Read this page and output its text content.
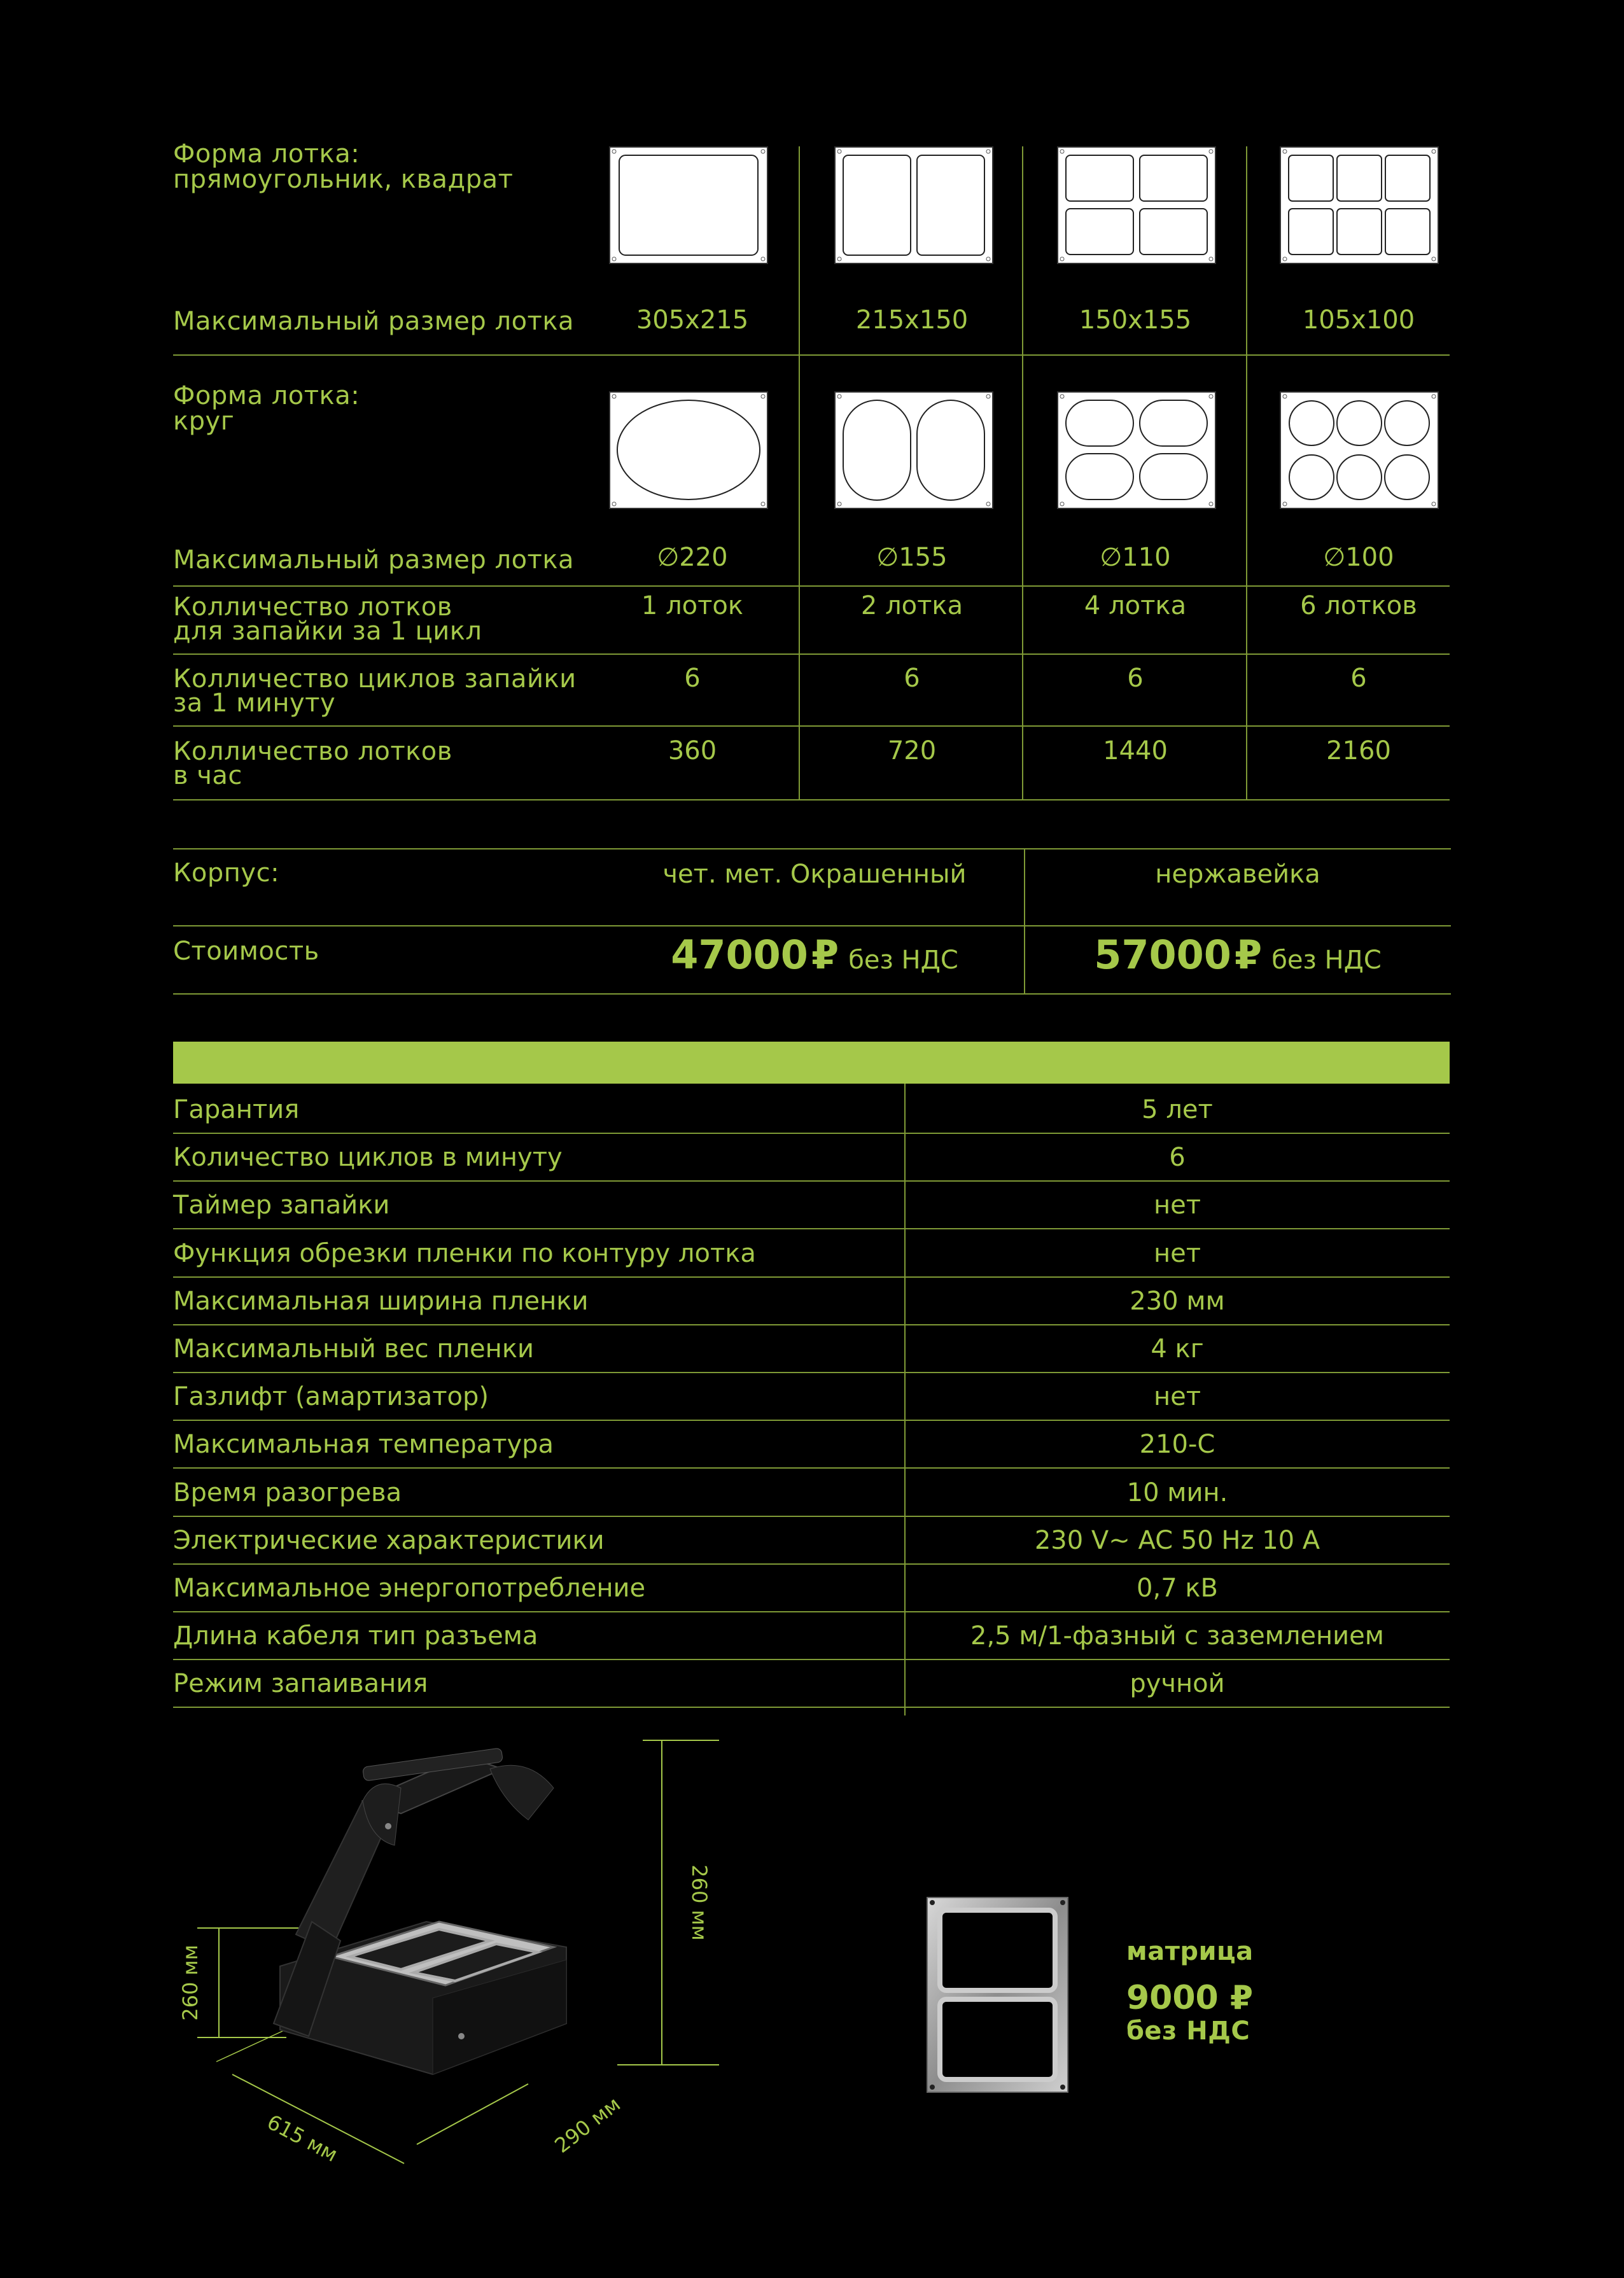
Форма лотка:
прямоугольник, квадрат
Максимальный размер лотка	305х215	215х150	150х155	105х100
Форма лотка:
круг
Максимальный размер лотка	∅220	∅155	∅110	∅100
Колличество лотков
для запайки за 1 цикл
1 лоток	2 лотка	4 лотка	6 лотков
Колличество циклов запайки
за 1 минуту
6	6	6	6
Колличество лотков
в час
360	720	1440	2160
Корпус:	чет. мет. Окрашенный	нержавейка
Стоимость	47000 ₽ без НДС	57000 ₽ без НДС
Гарантия	5 лет
Количество циклов в минуту	6
Таймер запайки	нет
Функция обрезки пленки по контуру лотка	нет
Максимальная ширина пленки	230 мм
Максимальный вес пленки	4 кг
Газлифт (амартизатор)	нет
Максимальная температура	210-С
Время разогрева	10 мин.
Электрические характеристики	230 V~ AC 50 Hz 10 A
Максимальное энергопотребление	0,7 кВ
Длина кабеля тип разъема	2,5 м/1-фазный с заземлением
Режим запаивания	ручной
260 мм
260 мм
615 мм	290 мм
матрица
9000 ₽
без НДС
